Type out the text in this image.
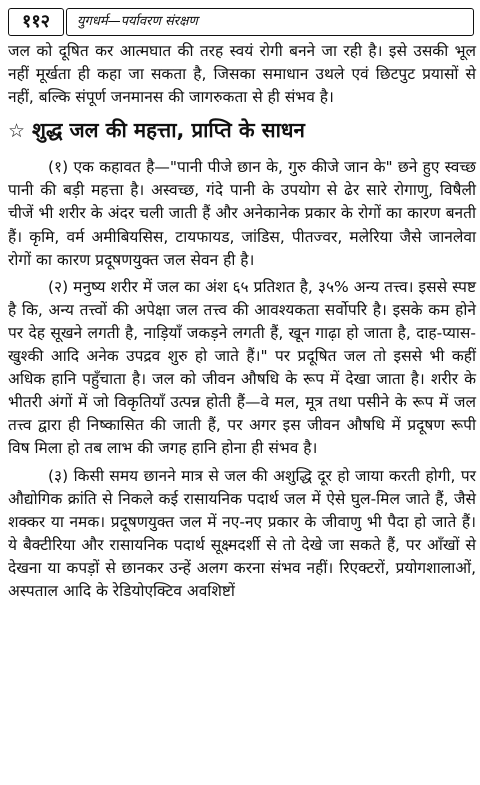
११२	युगधर्म—पर्यावरण संरक्षण

जल को दूषित कर आत्मघात की तरह स्वयं रोगी बनने जा रही है। इसे उसकी भूल नहीं मूर्खता ही कहा जा सकता है, जिसका समाधान उथले एवं छिटपुट प्रयासों से नहीं, बल्कि संपूर्ण जनमानस की जागरुकता से ही संभव है।

☆ शुद्ध जल की महत्ता, प्राप्ति के साधन

(१) एक कहावत है—"पानी पीजे छान के, गुरु कीजे जान के" छने हुए स्वच्छ पानी की बड़ी महत्ता है। अस्वच्छ, गंदे पानी के उपयोग से ढेर सारे रोगाणु, विषैली चीजें भी शरीर के अंदर चली जाती हैं और अनेकानेक प्रकार के रोगों का कारण बनती हैं। कृमि, वर्म अमीबियसिस, टायफायड, जांडिस, पीतज्वर, मलेरिया जैसे जानलेवा रोगों का कारण प्रदूषणयुक्त जल सेवन ही है।

(२) मनुष्य शरीर में जल का अंश ६५ प्रतिशत है, ३५% अन्य तत्त्व। इससे स्पष्ट है कि, अन्य तत्त्वों की अपेक्षा जल तत्त्व की आवश्यकता सर्वोपरि है। इसके कम होने पर देह सूखने लगती है, नाड़ियाँ जकड़ने लगती हैं, खून गाढ़ा हो जाता है, दाह-प्यास-खुश्की आदि अनेक उपद्रव शुरु हो जाते हैं।" पर प्रदूषित जल तो इससे भी कहीं अधिक हानि पहुँचाता है। जल को जीवन औषधि के रूप में देखा जाता है। शरीर के भीतरी अंगों में जो विकृतियाँ उत्पन्न होती हैं—वे मल, मूत्र तथा पसीने के रूप में जल तत्त्व द्वारा ही निष्कासित की जाती हैं, पर अगर इस जीवन औषधि में प्रदूषण रूपी विष मिला हो तब लाभ की जगह हानि होना ही संभव है।

(३) किसी समय छानने मात्र से जल की अशुद्धि दूर हो जाया करती होगी, पर औद्योगिक क्रांति से निकले कई रासायनिक पदार्थ जल में ऐसे घुल-मिल जाते हैं, जैसे शक्कर या नमक। प्रदूषणयुक्त जल में नए-नए प्रकार के जीवाणु भी पैदा हो जाते हैं। ये बैक्टीरिया और रासायनिक पदार्थ सूक्ष्मदर्शी से तो देखे जा सकते हैं, पर आँखों से देखना या कपड़ों से छानकर उन्हें अलग करना संभव नहीं। रिएक्टरों, प्रयोगशालाओं, अस्पताल आदि के रेडियोएक्टिव अवशिष्टों
